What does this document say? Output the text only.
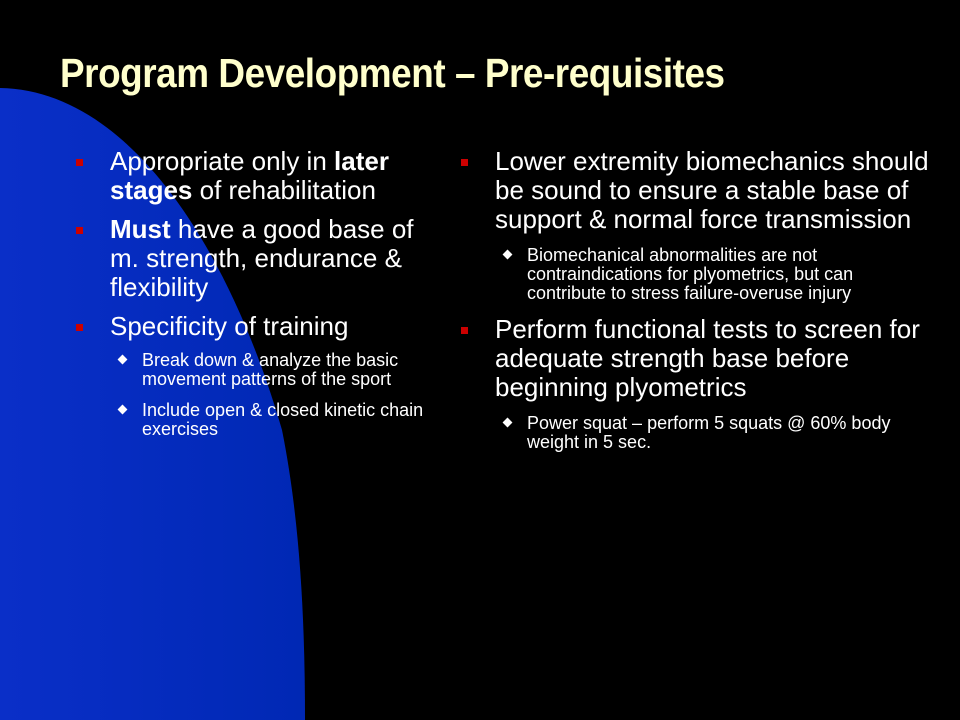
Program Development – Pre-requisites
Appropriate only in later stages of rehabilitation
Must have a good base of m. strength, endurance & flexibility
Specificity of training
Break down & analyze the basic movement patterns of the sport
Include open & closed kinetic chain exercises
Lower extremity biomechanics should be sound to ensure a stable base of support & normal force transmission
Biomechanical abnormalities are not contraindications for plyometrics, but can contribute to stress failure-overuse injury
Perform functional tests to screen for adequate strength base before beginning plyometrics
Power squat – perform 5 squats @ 60% body weight in 5 sec.
